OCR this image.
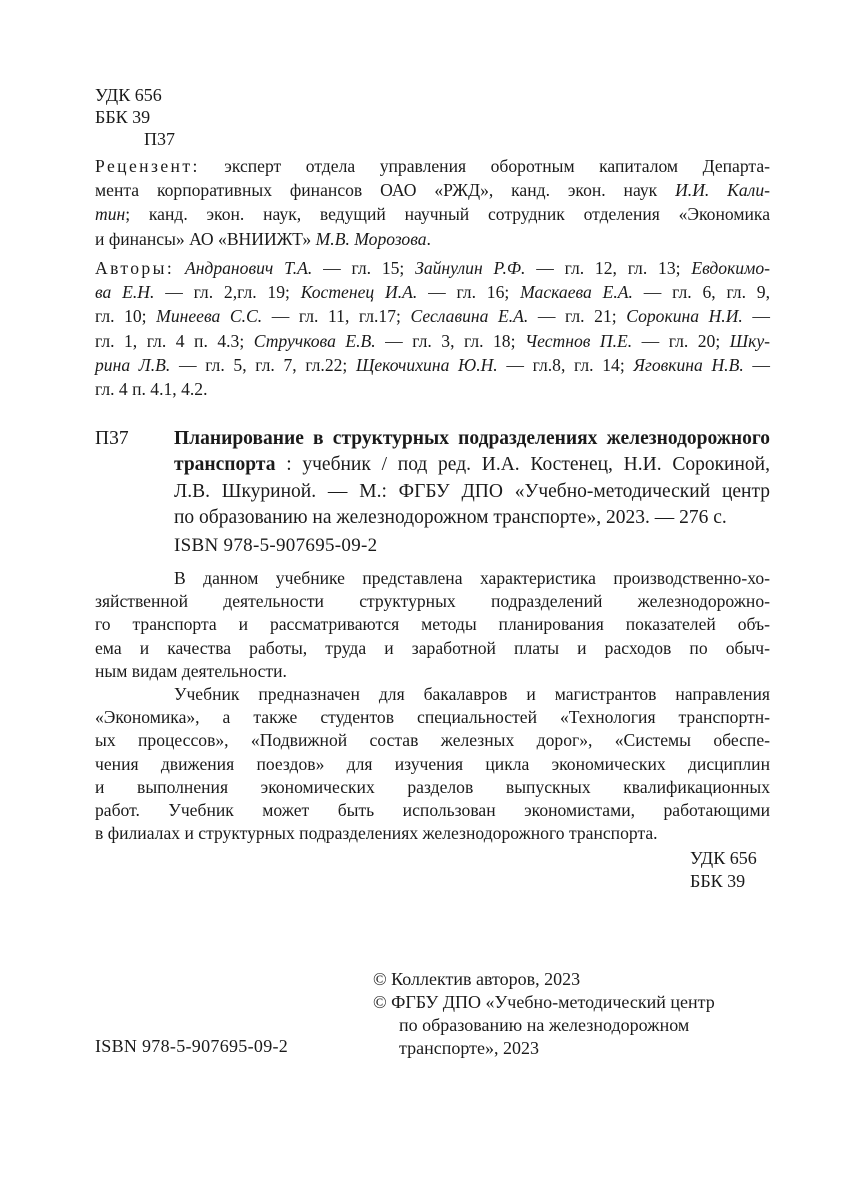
УДК 656
ББК 39
П37
Рецензент: эксперт отдела управления оборотным капиталом Департа-
мента корпоративных финансов ОАО «РЖД», канд. экон. наук И.И. Кали-
тин; канд. экон. наук, ведущий научный сотрудник отделения «Экономика
и финансы» АО «ВНИИЖТ» М.В. Морозова.
Авторы: Андранович Т.А. — гл. 15; Зайнулин Р.Ф. — гл. 12, гл. 13; Евдокимо-
ва Е.Н. — гл. 2,гл. 19; Костенец И.А. — гл. 16; Маскаева Е.А. — гл. 6, гл. 9,
гл. 10; Минеева С.С. — гл. 11, гл.17; Сеславина Е.А. — гл. 21; Сорокина Н.И. —
гл. 1, гл. 4 п. 4.3; Стручкова Е.В. — гл. 3, гл. 18; Честнов П.Е. — гл. 20; Шку-
рина Л.В. — гл. 5, гл. 7, гл.22; Щекочихина Ю.Н. — гл.8, гл. 14; Яговкина Н.В. —
гл. 4 п. 4.1, 4.2.
П37 Планирование в структурных подразделениях железнодорожного
транспорта : учебник / под ред. И.А. Костенец, Н.И. Сорокиной,
Л.В. Шкуриной. — М.: ФГБУ ДПО «Учебно-методический центр
по образованию на железнодорожном транспорте», 2023. — 276 с.
ISBN 978-5-907695-09-2
В данном учебнике представлена характеристика производственно-хо-
зяйственной деятельности структурных подразделений железнодорожно-
го транспорта и рассматриваются методы планирования показателей объ-
ема и качества работы, труда и заработной платы и расходов по обыч-
ным видам деятельности.
Учебник предназначен для бакалавров и магистрантов направления
«Экономика», а также студентов специальностей «Технология транспортн-
ых процессов», «Подвижной состав железных дорог», «Системы обеспе-
чения движения поездов» для изучения цикла экономических дисциплин
и выполнения экономических разделов выпускных квалификационных
работ. Учебник может быть использован экономистами, работающими
в филиалах и структурных подразделениях железнодорожного транспорта.
УДК 656
ББК 39
© Коллектив авторов, 2023
© ФГБУ ДПО «Учебно-методический центр
по образованию на железнодорожном
транспорте», 2023
ISBN 978-5-907695-09-2
